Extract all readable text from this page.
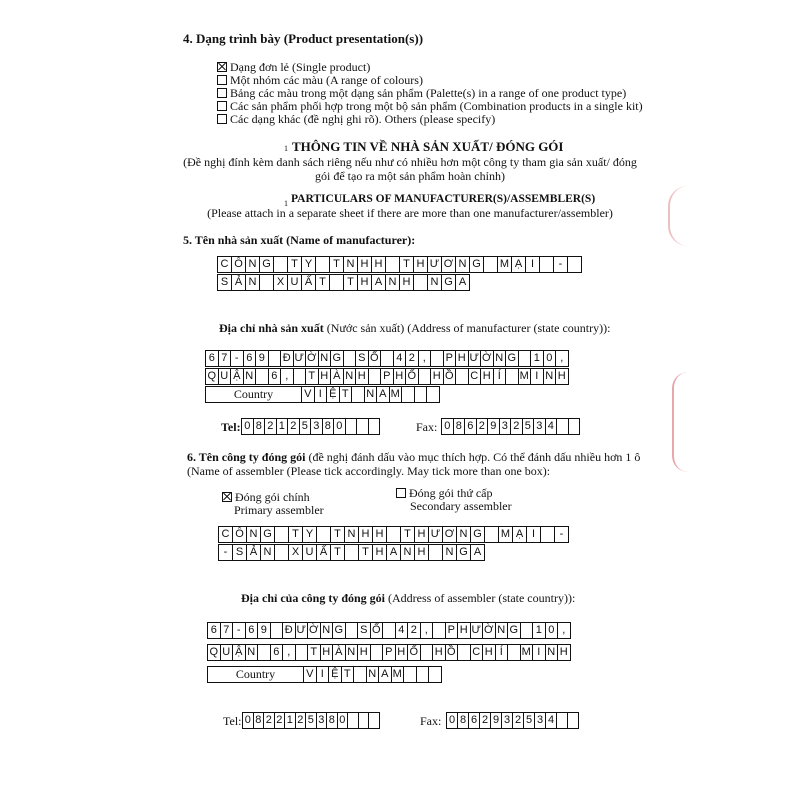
4. Dạng trình bày (Product presentation(s))
Dạng đơn lẻ (Single product)
Một nhóm các màu (A range of colours)
Bảng các màu trong một dạng sản phẩm (Palette(s) in a range of one product type)
Các sản phẩm phối hợp trong một bộ sản phẩm (Combination products in a single kit)
Các dạng khác (đề nghị ghi rõ). Others (please specify)
1 THÔNG TIN VỀ NHÀ SẢN XUẤT/ ĐÓNG GÓI
(Đề nghị đính kèm danh sách riêng nếu như có nhiều hơn một công ty tham gia sản xuất/ đóng
gói để tạo ra một sản phẩm hoàn chỉnh)
1 PARTICULARS OF MANUFACTURER(S)/ASSEMBLER(S)
(Please attach in a separate sheet if there are more than one manufacturer/assembler)
5. Tên nhà sản xuất (Name of manufacturer):
C Ô N G	T Y	T N H H	T H Ư Ơ N G M Ạ I	-
S Ả N	X U Ấ T	T H A N H	N G A
Địa chỉ nhà sản xuất (Nước sản xuất) (Address of manufacturer (state country)):
6 7 - 6 9	Đ Ư Ờ N G S Ố	4 2 ,	P H Ư Ờ N G	1 0 ,
Q U Ậ N	6 ,	T H À N H P H Ố H Ồ C H Í	M I N H
Country	V I Ệ T	N A M
Tel: 0 8 2 1 2 5 3 8 0	Fax: 0 8 6 2 9 3 2 5 3 4
6. Tên công ty đóng gói (đề nghị đánh dấu vào mục thích hợp. Có thể đánh dấu nhiều hơn 1 ô
(Name of assembler (Please tick accordingly. May tick more than one box):
Đóng gói chính
Primary assembler
Đóng gói thứ cấp
Secondary assembler
C Ô N G	T Y	T N H H	T H Ư Ơ N G M Ạ I	-
- S Ả N	X U Ấ T	T H A N H	N G A
Địa chỉ của công ty đóng gói (Address of assembler (state country)):
6 7 - 6 9	Đ Ư Ờ N G S Ố	4 2 ,	P H Ư Ờ N G	1 0 ,
Q U Ậ N	6 ,	T H À N H P H Ố H Ồ C H Í	M I N H
Country	V I Ệ T	N A M
Tel: 0 8 2 2 1 2 5 3 8 0	Fax: 0 8 6 2 9 3 2 5 3 4
